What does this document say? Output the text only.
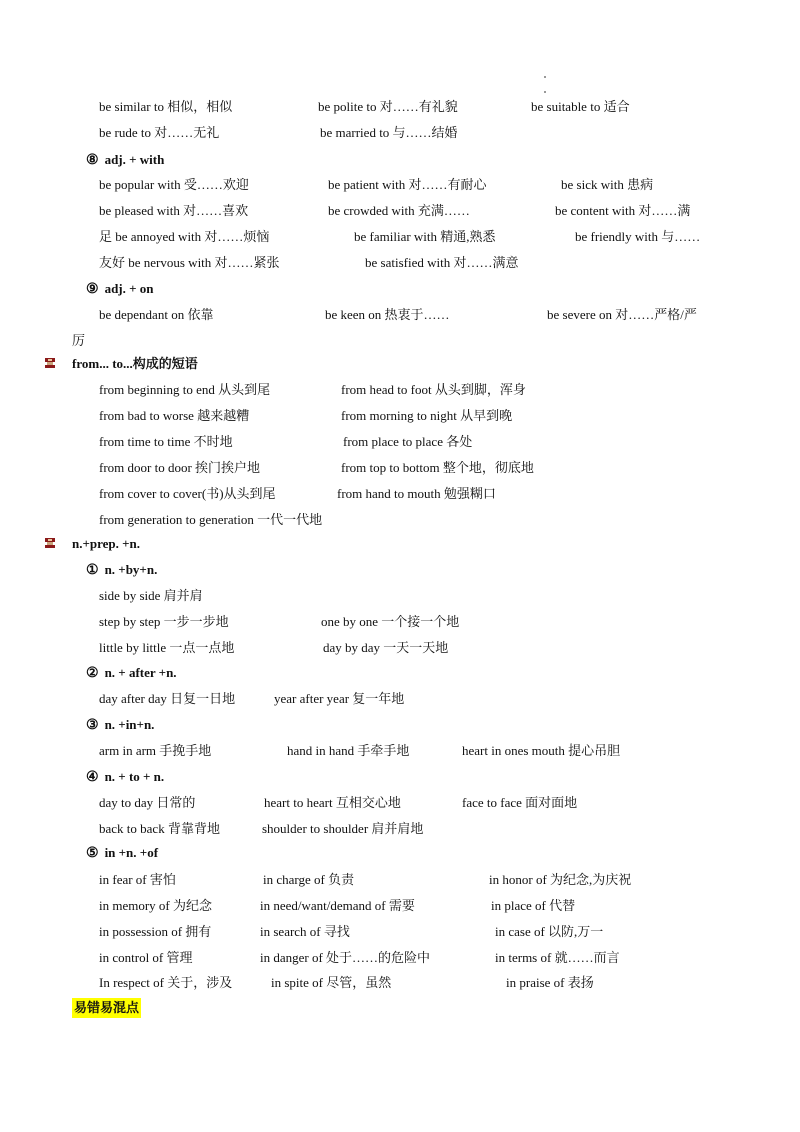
be similar to 相似，相似	be polite to 对……有礼貌	be suitable to 适合
be rude to 对……无礼	be married to 与……结婚
be popular with 受……欢迎	be patient with 对……有耐心	be sick with 患病
be pleased with 对……喜欢	be crowded with 充满……	be content with 对……满
足 be annoyed with 对……烦恼	be familiar with 精通,熟悉	be friendly with 与……
友好 be nervous with 对……紧张	be satisfied with 对……满意
be dependant on 依靠	be keen on 热衷于……	be severe on 对……严格/严
厉
from beginning to end 从头到尾	from head to foot 从头到脚，浑身
from bad to worse 越来越糟	from morning to night 从早到晚
from time to time 不时地	from place to place 各处
from door to door 挨门挨户地	from top to bottom 整个地，彻底地
from cover to cover(书)从头到尾	from hand to mouth 勉强糊口
from generation to generation 一代一代地
side by side 肩并肩
step by step 一步一步地	one by one 一个接一个地
little by little 一点一点地	day by day 一天一天地
day after day 日复一日地	year after year 复一年地
arm in arm 手挽手地	hand in hand 手牵手地	heart in ones mouth 提心吊胆
day to day 日常的	heart to heart 互相交心地	face to face 面对面地
back to back 背靠背地	shoulder to shoulder 肩并肩地
in fear of 害怕	in charge of 负责	in honor of 为纪念,为庆祝
in memory of 为纪念	in need/want/demand of 需要	in place of 代替
in possession of 拥有	in search of 寻找	in case of 以防,万一
in control of 管理	in danger of 处于……的危险中	in terms of 就……而言
In respect of 关于，涉及	in spite of 尽管，虽然	in praise of 表扬
⑧ adj. + with
⑨ adj. + on
① n. +by+n.
② n. + after +n.
③ n. +in+n.
④ n. + to + n.
⑤ in +n. +of
from... to...构成的短语
n.+prep. +n.
易错易混点
